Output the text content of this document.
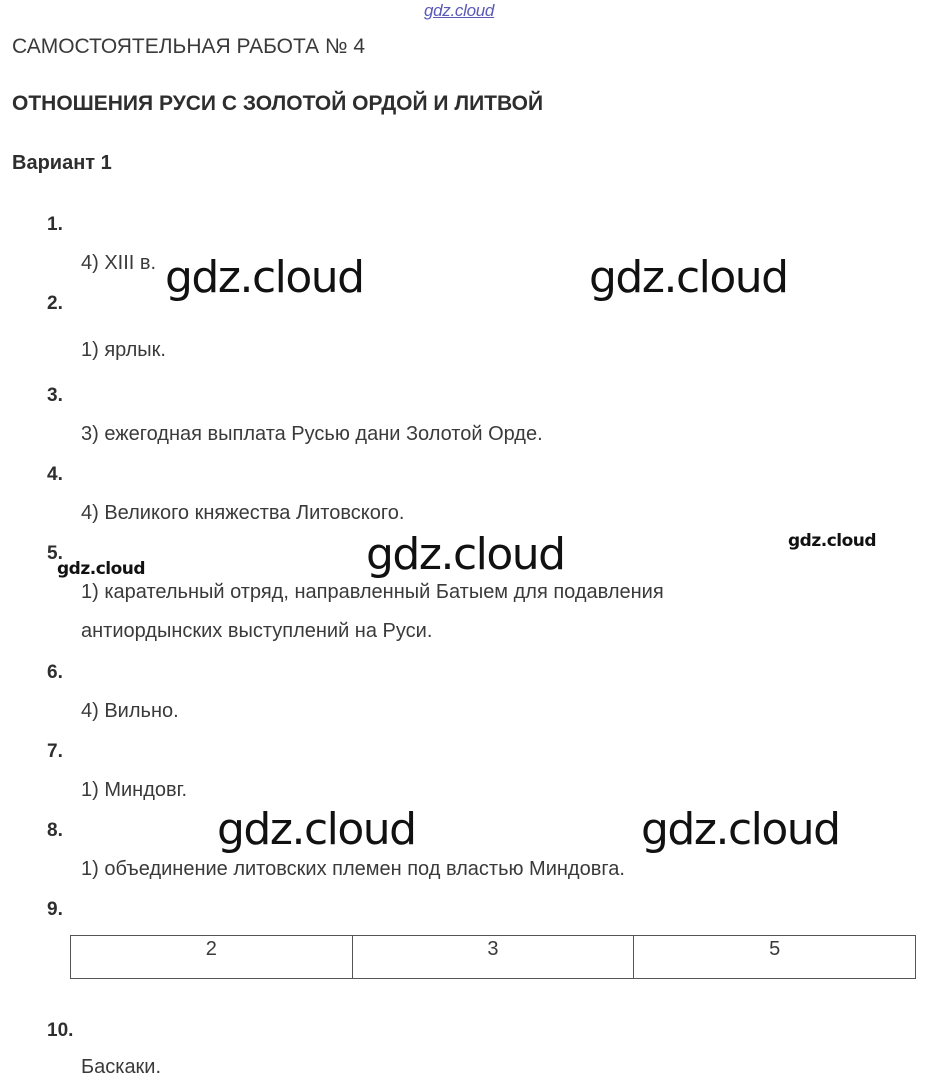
gdz.cloud
САМОСТОЯТЕЛЬНАЯ РАБОТА № 4
ОТНОШЕНИЯ РУСИ С ЗОЛОТОЙ ОРДОЙ И ЛИТВОЙ
Вариант 1
1.
4) XIII в.
2.
1) ярлык.
3.
3) ежегодная выплата Русью дани Золотой Орде.
4.
4) Великого княжества Литовского.
5.
1) карательный отряд, направленный Батыем для подавления
антиордынских выступлений на Руси.
6.
4) Вильно.
7.
1) Миндовг.
8.
1) объединение литовских племен под властью Миндовга.
9.
2	3	5
10.
Баскаки.
gdz.cloud	gdz.cloud
gdz.cloud
gdz.cloud
gdz.cloud
gdz.cloud	gdz.cloud
